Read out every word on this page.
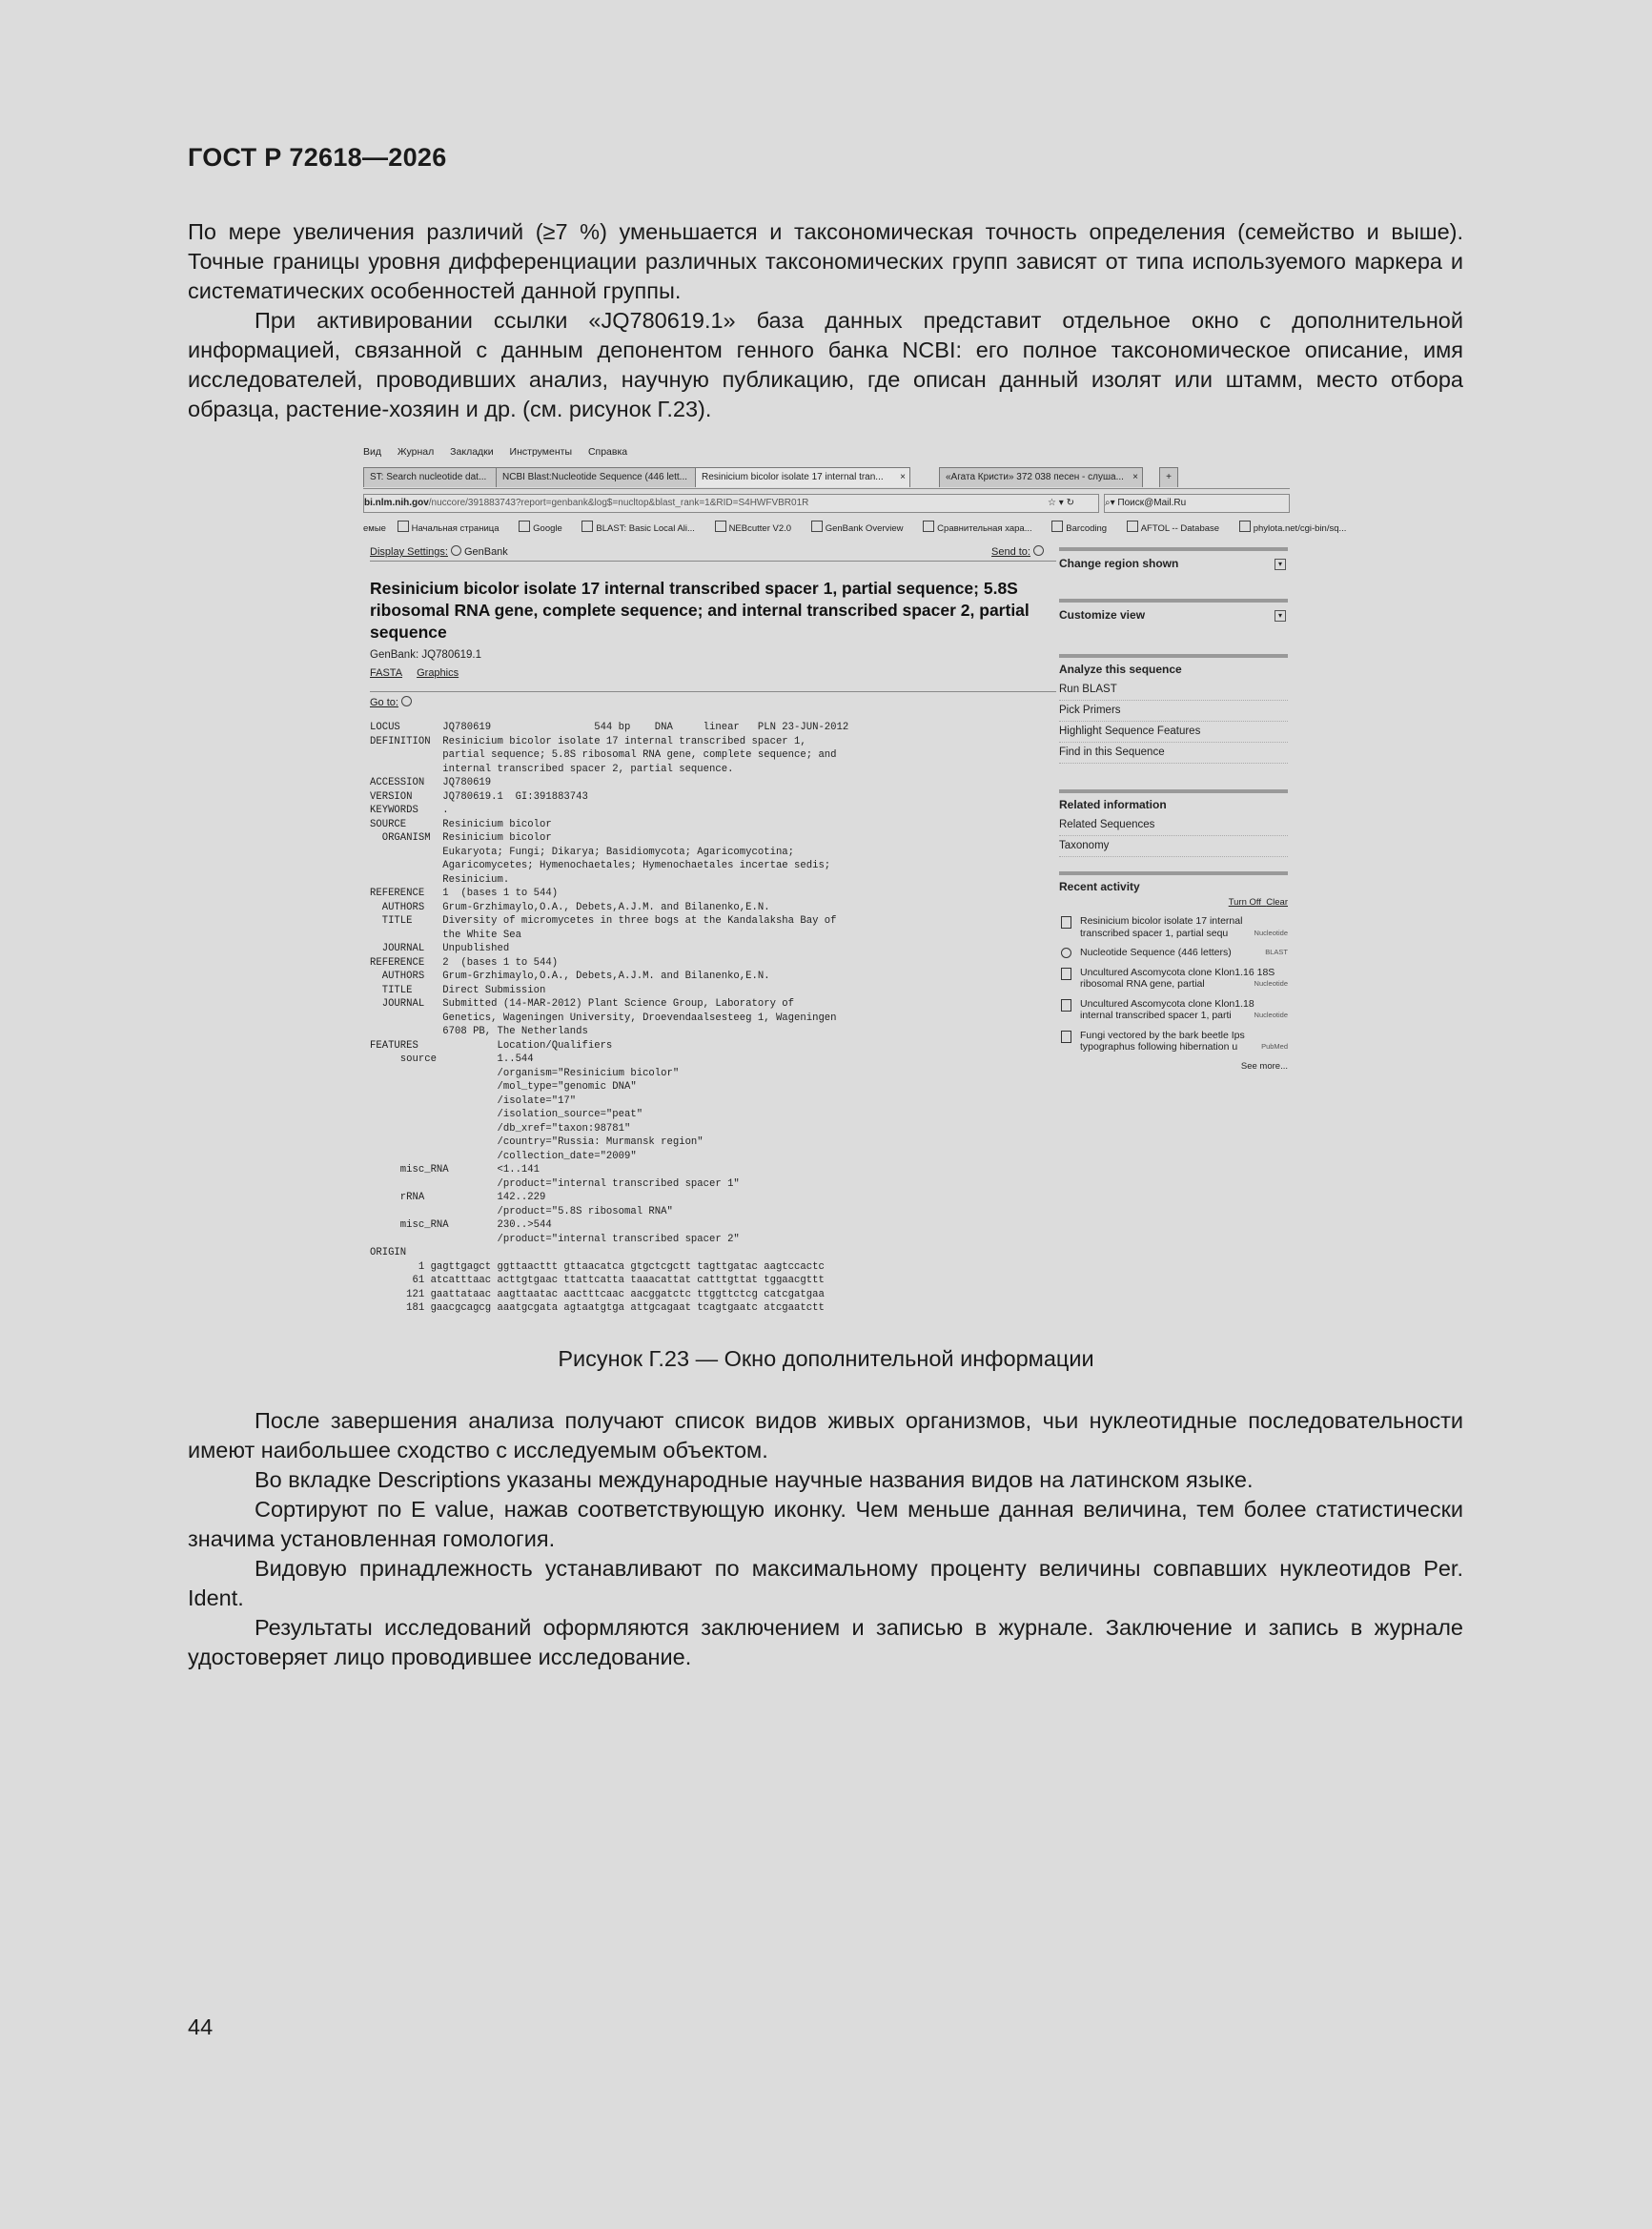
ГОСТ Р 72618—2026

По мере увеличения различий (≥7 %) уменьшается и таксономическая точность определения (семейство и выше). Точные границы уровня дифференциации различных таксономических групп зависят от типа используемого маркера и систематических особенностей данной группы.

При активировании ссылки «JQ780619.1» база данных представит отдельное окно с дополнительной информацией, связанной с данным депонентом генного банка NCBI: его полное таксономическое описание, имя исследователей, проводивших анализ, научную публикацию, где описан данный изолят или штамм, место отбора образца, растение-хозяин и др. (см. рисунок Г.23).

Вид Журнал Закладки Инструменты Справка
ST: Search nucleotide dat...	NCBI Blast:Nucleotide Sequence (446 lett...	Resinicium bicolor isolate 17 internal tran... ×	«Агата Кристи» 372 038 песен - слуша... ×	+
bi.nlm.nih.gov/nuccore/391883743?report=genbank&log$=nucltop&blast_rank=1&RID=S4HWFVBR01R	☆ ▾ ↻	⌕▾ Поиск@Mail.Ru
емые	Начальная страница	Google	BLAST: Basic Local Ali...	NEBcutter V2.0	GenBank Overview	Сравнительная хара...	Barcoding	AFTOL -- Database	phylota.net/cgi-bin/sq...
Display Settings: GenBank	Send to:
Resinicium bicolor isolate 17 internal transcribed spacer 1, partial sequence; 5.8S ribosomal RNA gene, complete sequence; and internal transcribed spacer 2, partial sequence
GenBank: JQ780619.1
FASTA Graphics
Go to:
LOCUS       JQ780619                 544 bp    DNA     linear   PLN 23-JUN-2012
DEFINITION  Resinicium bicolor isolate 17 internal transcribed spacer 1,
partial sequence; 5.8S ribosomal RNA gene, complete sequence; and
internal transcribed spacer 2, partial sequence.
ACCESSION   JQ780619
VERSION     JQ780619.1  GI:391883743
KEYWORDS    .
SOURCE      Resinicium bicolor
ORGANISM  Resinicium bicolor
Eukaryota; Fungi; Dikarya; Basidiomycota; Agaricomycotina;
Agaricomycetes; Hymenochaetales; Hymenochaetales incertae sedis;
Resinicium.
REFERENCE   1  (bases 1 to 544)
AUTHORS   Grum-Grzhimaylo,O.A., Debets,A.J.M. and Bilanenko,E.N.
TITLE     Diversity of micromycetes in three bogs at the Kandalaksha Bay of
the White Sea
JOURNAL   Unpublished
REFERENCE   2  (bases 1 to 544)
AUTHORS   Grum-Grzhimaylo,O.A., Debets,A.J.M. and Bilanenko,E.N.
TITLE     Direct Submission
JOURNAL   Submitted (14-MAR-2012) Plant Science Group, Laboratory of
Genetics, Wageningen University, Droevendaalsesteeg 1, Wageningen
6708 PB, The Netherlands
FEATURES             Location/Qualifiers
source          1..544
/organism="Resinicium bicolor"
/mol_type="genomic DNA"
/isolate="17"
/isolation_source="peat"
/db_xref="taxon:98781"
/country="Russia: Murmansk region"
/collection_date="2009"
misc_RNA        <1..141
/product="internal transcribed spacer 1"
rRNA            142..229
/product="5.8S ribosomal RNA"
misc_RNA        230..>544
/product="internal transcribed spacer 2"
ORIGIN
1 gagttgagct ggttaacttt gttaacatca gtgctcgctt tagttgatac aagtccactc
61 atcatttaac acttgtgaac ttattcatta taaacattat catttgttat tggaacgttt
121 gaattataac aagttaatac aactttcaac aacggatctc ttggttctcg catcgatgaa
181 gaacgcagcg aaatgcgata agtaatgtga attgcagaat tcagtgaatc atcgaatctt
Change region shown	▾
Customize view	▾
Analyze this sequence
Run BLAST
Pick Primers
Highlight Sequence Features
Find in this Sequence
Related information
Related Sequences
Taxonomy
Recent activity
Turn Off Clear
Resinicium bicolor isolate 17 internal transcribed spacer 1, partial sequ	Nucleotide
Nucleotide Sequence (446 letters)	BLAST
Uncultured Ascomycota clone Klon1.16 18S ribosomal RNA gene, partial	Nucleotide
Uncultured Ascomycota clone Klon1.18 internal transcribed spacer 1, parti	Nucleotide
Fungi vectored by the bark beetle Ips typographus following hibernation u	PubMed
See more...
Рисунок Г.23 — Окно дополнительной информации

После завершения анализа получают список видов живых организмов, чьи нуклеотидные последовательности имеют наибольшее сходство с исследуемым объектом.

Во вкладке Descriptions указаны международные научные названия видов на латинском языке.

Сортируют по E value, нажав соответствующую иконку. Чем меньше данная величина, тем более статистически значима установленная гомология.

Видовую принадлежность устанавливают по максимальному проценту величины совпавших нуклеотидов Per. Ident.

Результаты исследований оформляются заключением и записью в журнале. Заключение и запись в журнале удостоверяет лицо проводившее исследование.

44
